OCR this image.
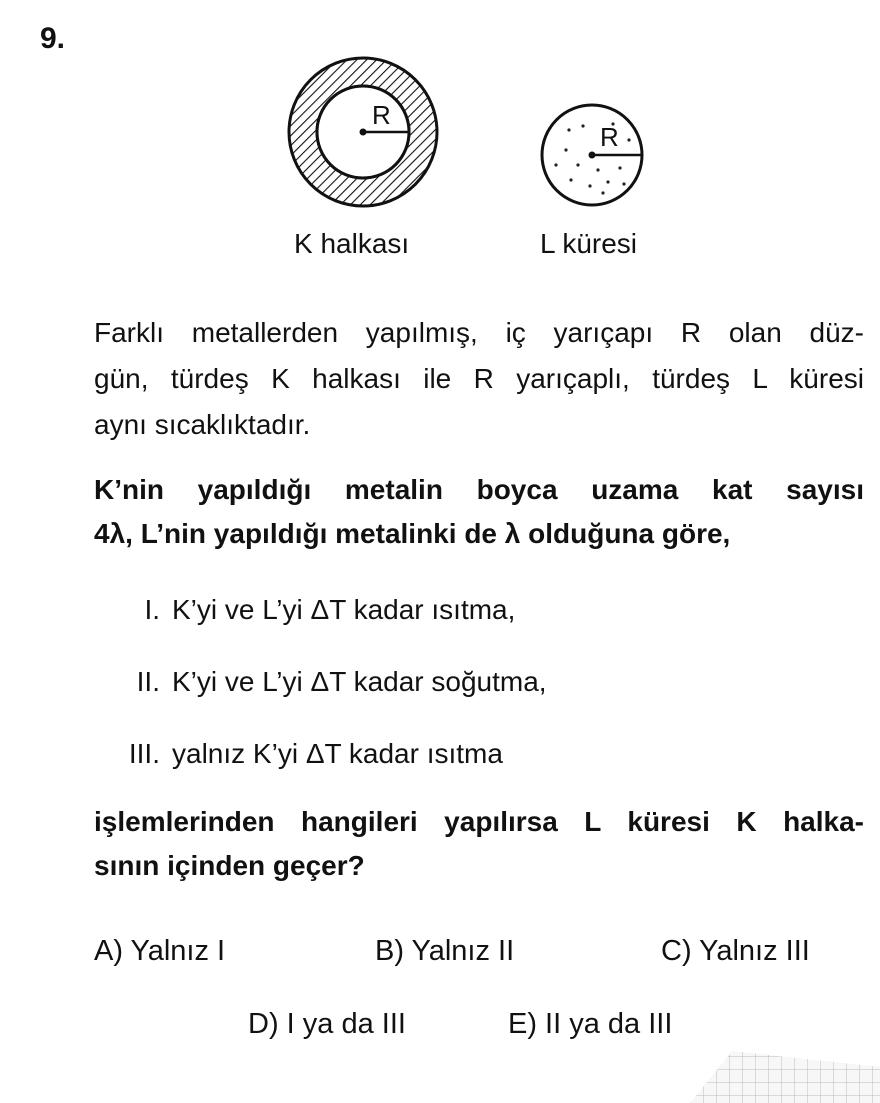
9.
R
R
K halkası	L küresi
Farklı metallerden yapılmış, iç yarıçapı R olan düz-
gün, türdeş K halkası ile R yarıçaplı, türdeş L küresi
aynı sıcaklıktadır.
K’nin yapıldığı metalin boyca uzama kat sayısı
4λ, L’nin yapıldığı metalinki de λ olduğuna göre,
I. K’yi ve L’yi ΔT kadar ısıtma,
II. K’yi ve L’yi ΔT kadar soğutma,
III. yalnız K’yi ΔT kadar ısıtma
işlemlerinden hangileri yapılırsa L küresi K halka-
sının içinden geçer?
A) Yalnız I	B) Yalnız II	C) Yalnız III
D) I ya da III	E) II ya da III
